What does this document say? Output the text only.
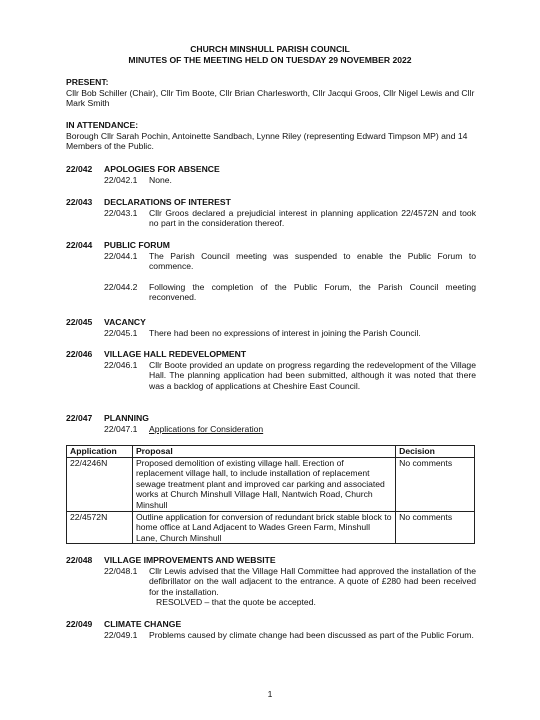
CHURCH MINSHULL PARISH COUNCIL
MINUTES OF THE MEETING HELD ON TUESDAY 29 NOVEMBER 2022
PRESENT:
Cllr Bob Schiller (Chair), Cllr Tim Boote, Cllr Brian Charlesworth, Cllr Jacqui Groos, Cllr Nigel Lewis and Cllr Mark Smith
IN ATTENDANCE:
Borough Cllr Sarah Pochin, Antoinette Sandbach, Lynne Riley (representing Edward Timpson MP) and 14 Members of the Public.
22/042 APOLOGIES FOR ABSENCE
22/042.1 None.
22/043 DECLARATIONS OF INTEREST
22/043.1 Cllr Groos declared a prejudicial interest in planning application 22/4572N and took no part in the consideration thereof.
22/044 PUBLIC FORUM
22/044.1 The Parish Council meeting was suspended to enable the Public Forum to commence.
22/044.2 Following the completion of the Public Forum, the Parish Council meeting reconvened.
22/045 VACANCY
22/045.1 There had been no expressions of interest in joining the Parish Council.
22/046 VILLAGE HALL REDEVELOPMENT
22/046.1 Cllr Boote provided an update on progress regarding the redevelopment of the Village Hall. The planning application had been submitted, although it was noted that there was a backlog of applications at Cheshire East Council.
22/047 PLANNING
22/047.1 Applications for Consideration
Application	Proposal	Decision
22/4246N	Proposed demolition of existing village hall. Erection of replacement village hall, to include installation of replacement sewage treatment plant and improved car parking and associated works at Church Minshull Village Hall, Nantwich Road, Church Minshull	No comments
22/4572N	Outline application for conversion of redundant brick stable block to home office at Land Adjacent to Wades Green Farm, Minshull Lane, Church Minshull	No comments
22/048 VILLAGE IMPROVEMENTS AND WEBSITE
22/048.1 Cllr Lewis advised that the Village Hall Committee had approved the installation of the defibrillator on the wall adjacent to the entrance. A quote of £280 had been received for the installation.
RESOLVED – that the quote be accepted.
22/049 CLIMATE CHANGE
22/049.1 Problems caused by climate change had been discussed as part of the Public Forum.
1
